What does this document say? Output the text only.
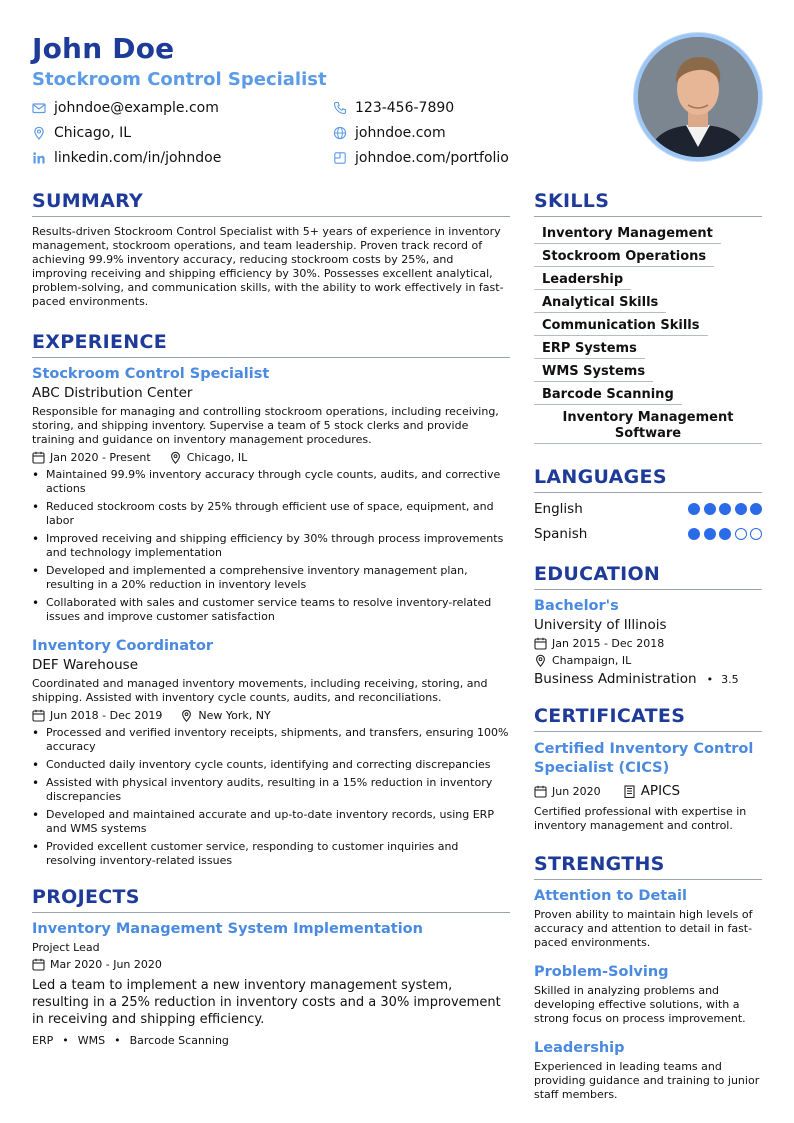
John Doe
Stockroom Control Specialist
johndoe@example.com	123-456-7890
Chicago, IL	johndoe.com
linkedin.com/in/johndoe	johndoe.com/portfolio
SUMMARY
Results-driven Stockroom Control Specialist with 5+ years of experience in inventory management, stockroom operations, and team leadership. Proven track record of achieving 99.9% inventory accuracy, reducing stockroom costs by 25%, and improving receiving and shipping efficiency by 30%. Possesses excellent analytical, problem-solving, and communication skills, with the ability to work effectively in fast-paced environments.
EXPERIENCE
Stockroom Control Specialist
ABC Distribution Center
Responsible for managing and controlling stockroom operations, including receiving, storing, and shipping inventory. Supervise a team of 5 stock clerks and provide training and guidance on inventory management procedures.
Jan 2020 - Present	Chicago, IL
• Maintained 99.9% inventory accuracy through cycle counts, audits, and corrective actions
• Reduced stockroom costs by 25% through efficient use of space, equipment, and labor
• Improved receiving and shipping efficiency by 30% through process improvements and technology implementation
• Developed and implemented a comprehensive inventory management plan, resulting in a 20% reduction in inventory levels
• Collaborated with sales and customer service teams to resolve inventory-related issues and improve customer satisfaction
Inventory Coordinator
DEF Warehouse
Coordinated and managed inventory movements, including receiving, storing, and shipping. Assisted with inventory cycle counts, audits, and reconciliations.
Jun 2018 - Dec 2019	New York, NY
• Processed and verified inventory receipts, shipments, and transfers, ensuring 100% accuracy
• Conducted daily inventory cycle counts, identifying and correcting discrepancies
• Assisted with physical inventory audits, resulting in a 15% reduction in inventory discrepancies
• Developed and maintained accurate and up-to-date inventory records, using ERP and WMS systems
• Provided excellent customer service, responding to customer inquiries and resolving inventory-related issues
PROJECTS
Inventory Management System Implementation
Project Lead
Mar 2020 - Jun 2020
Led a team to implement a new inventory management system, resulting in a 25% reduction in inventory costs and a 30% improvement in receiving and shipping efficiency.
ERP • WMS • Barcode Scanning
SKILLS
Inventory Management
Stockroom Operations
Leadership
Analytical Skills
Communication Skills
ERP Systems
WMS Systems
Barcode Scanning
Inventory Management Software
LANGUAGES
English
Spanish
EDUCATION
Bachelor's
University of Illinois
Jan 2015 - Dec 2018
Champaign, IL
Business Administration • 3.5
CERTIFICATES
Certified Inventory Control Specialist (CICS)
Jun 2020	APICS
Certified professional with expertise in inventory management and control.
STRENGTHS
Attention to Detail
Proven ability to maintain high levels of accuracy and attention to detail in fast-paced environments.
Problem-Solving
Skilled in analyzing problems and developing effective solutions, with a strong focus on process improvement.
Leadership
Experienced in leading teams and providing guidance and training to junior staff members.
